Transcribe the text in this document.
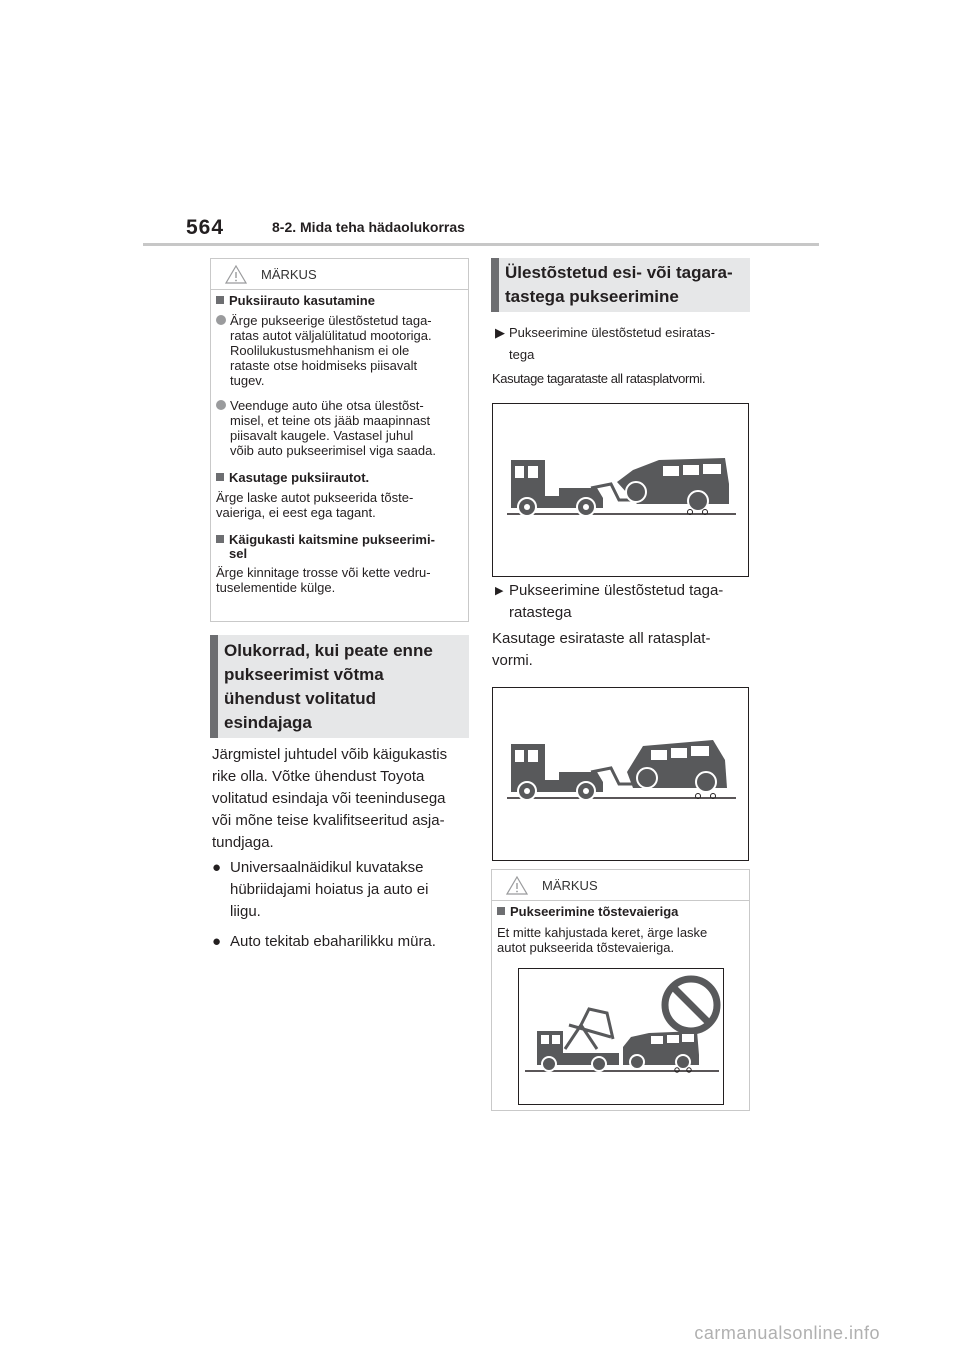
564	8-2. Mida teha hädaolukorras
MÄRKUS
Puksiirauto kasutamine
Ärge pukseerige ülestõstetud taga-
ratas autot väljalülitatud mootoriga.
Roolilukustusmehhanism ei ole
rataste otse hoidmiseks piisavalt
tugev.
Veenduge auto ühe otsa ülestõst-
misel, et teine ots jääb maapinnast
piisavalt kaugele. Vastasel juhul
võib auto pukseerimisel viga saada.
Kasutage puksiirautot.
Ärge laske autot pukseerida tõste-
vaieriga, ei eest ega tagant.
Käigukasti kaitsmine pukseerimi-
sel
Ärge kinnitage trosse või kette vedru-
tuselementide külge.
Olukorrad, kui peate enne
pukseerimist võtma
ühendust volitatud
esindajaga
Järgmistel juhtudel võib käigukastis
rike olla. Võtke ühendust Toyota
volitatud esindaja või teenindusega
või mõne teise kvalifitseeritud asja-
tundjaga.
● Universaalnäidikul kuvatakse
hübriidajami hoiatus ja auto ei
liigu.
● Auto tekitab ebaharilikku müra.
Ülestõstetud esi- või tagara-
tastega pukseerimine
▶ Pukseerimine ülestõstetud esiratas-
tega
Kasutage tagarataste all ratasplatvormi.
▶ Pukseerimine ülestõstetud taga-
ratastega
Kasutage esirataste all ratasplat-
vormi.
MÄRKUS
Pukseerimine tõstevaieriga
Et mitte kahjustada keret, ärge laske
autot pukseerida tõstevaieriga.
carmanualsonline.info
